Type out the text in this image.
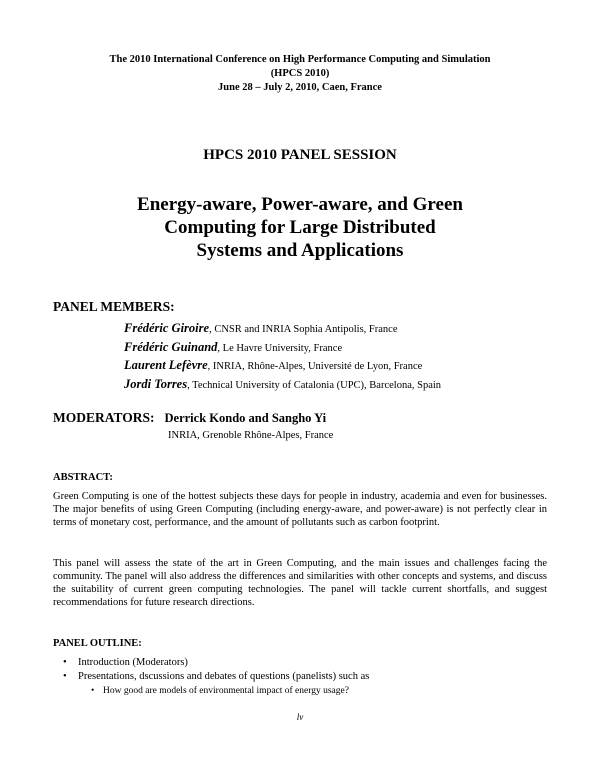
The 2010 International Conference on High Performance Computing and Simulation
(HPCS 2010)
June 28 – July 2, 2010, Caen, France
HPCS 2010 PANEL SESSION
Energy-aware, Power-aware, and Green
Computing for Large Distributed
Systems and Applications
PANEL MEMBERS:
Frédéric Giroire, CNSR and INRIA Sophia Antipolis, France
Frédéric Guinand, Le Havre University, France
Laurent Lefèvre, INRIA, Rhône-Alpes, Université de Lyon, France
Jordi Torres, Technical University of Catalonia (UPC), Barcelona, Spain
MODERATORS: Derrick Kondo and Sangho Yi
INRIA, Grenoble Rhône-Alpes, France
ABSTRACT:
Green Computing is one of the hottest subjects these days for people in industry, academia and even for businesses. The major benefits of using Green Computing (including energy-aware, and power-aware) is not perfectly clear in terms of monetary cost, performance, and the amount of pollutants such as carbon footprint.
This panel will assess the state of the art in Green Computing, and the main issues and challenges facing the community. The panel will also address the differences and similarities with other concepts and systems, and discuss the suitability of current green computing technologies. The panel will tackle current shortfalls, and suggest recommendations for future research directions.
PANEL OUTLINE:
• Introduction (Moderators)
• Presentations, dscussions and debates of questions (panelists) such as
• How good are models of environmental impact of energy usage?
lv
